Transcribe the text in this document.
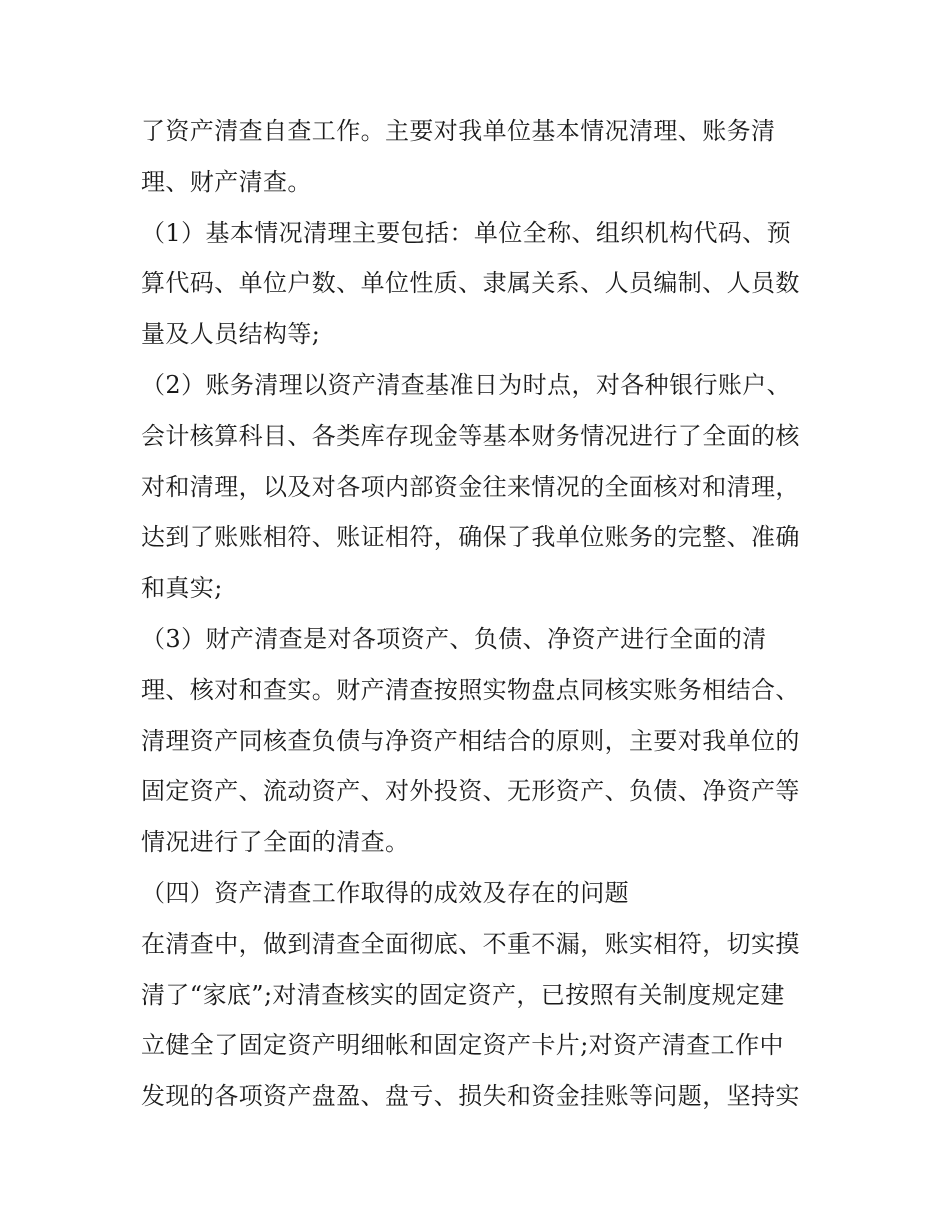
了资产清查自查工作。主要对我单位基本情况清理、账务清
理、财产清查。
（1）基本情况清理主要包括：单位全称、组织机构代码、预
算代码、单位户数、单位性质、隶属关系、人员编制、人员数
量及人员结构等;
（2）账务清理以资产清查基准日为时点，对各种银行账户、
会计核算科目、各类库存现金等基本财务情况进行了全面的核
对和清理，以及对各项内部资金往来情况的全面核对和清理，
达到了账账相符、账证相符，确保了我单位账务的完整、准确
和真实;
（3）财产清查是对各项资产、负债、净资产进行全面的清
理、核对和查实。财产清查按照实物盘点同核实账务相结合、
清理资产同核查负债与净资产相结合的原则，主要对我单位的
固定资产、流动资产、对外投资、无形资产、负债、净资产等
情况进行了全面的清查。
（四）资产清查工作取得的成效及存在的问题
在清查中，做到清查全面彻底、不重不漏，账实相符，切实摸
清了“家底”;对清查核实的固定资产，已按照有关制度规定建
立健全了固定资产明细帐和固定资产卡片;对资产清查工作中
发现的各项资产盘盈、盘亏、损失和资金挂账等问题，坚持实
